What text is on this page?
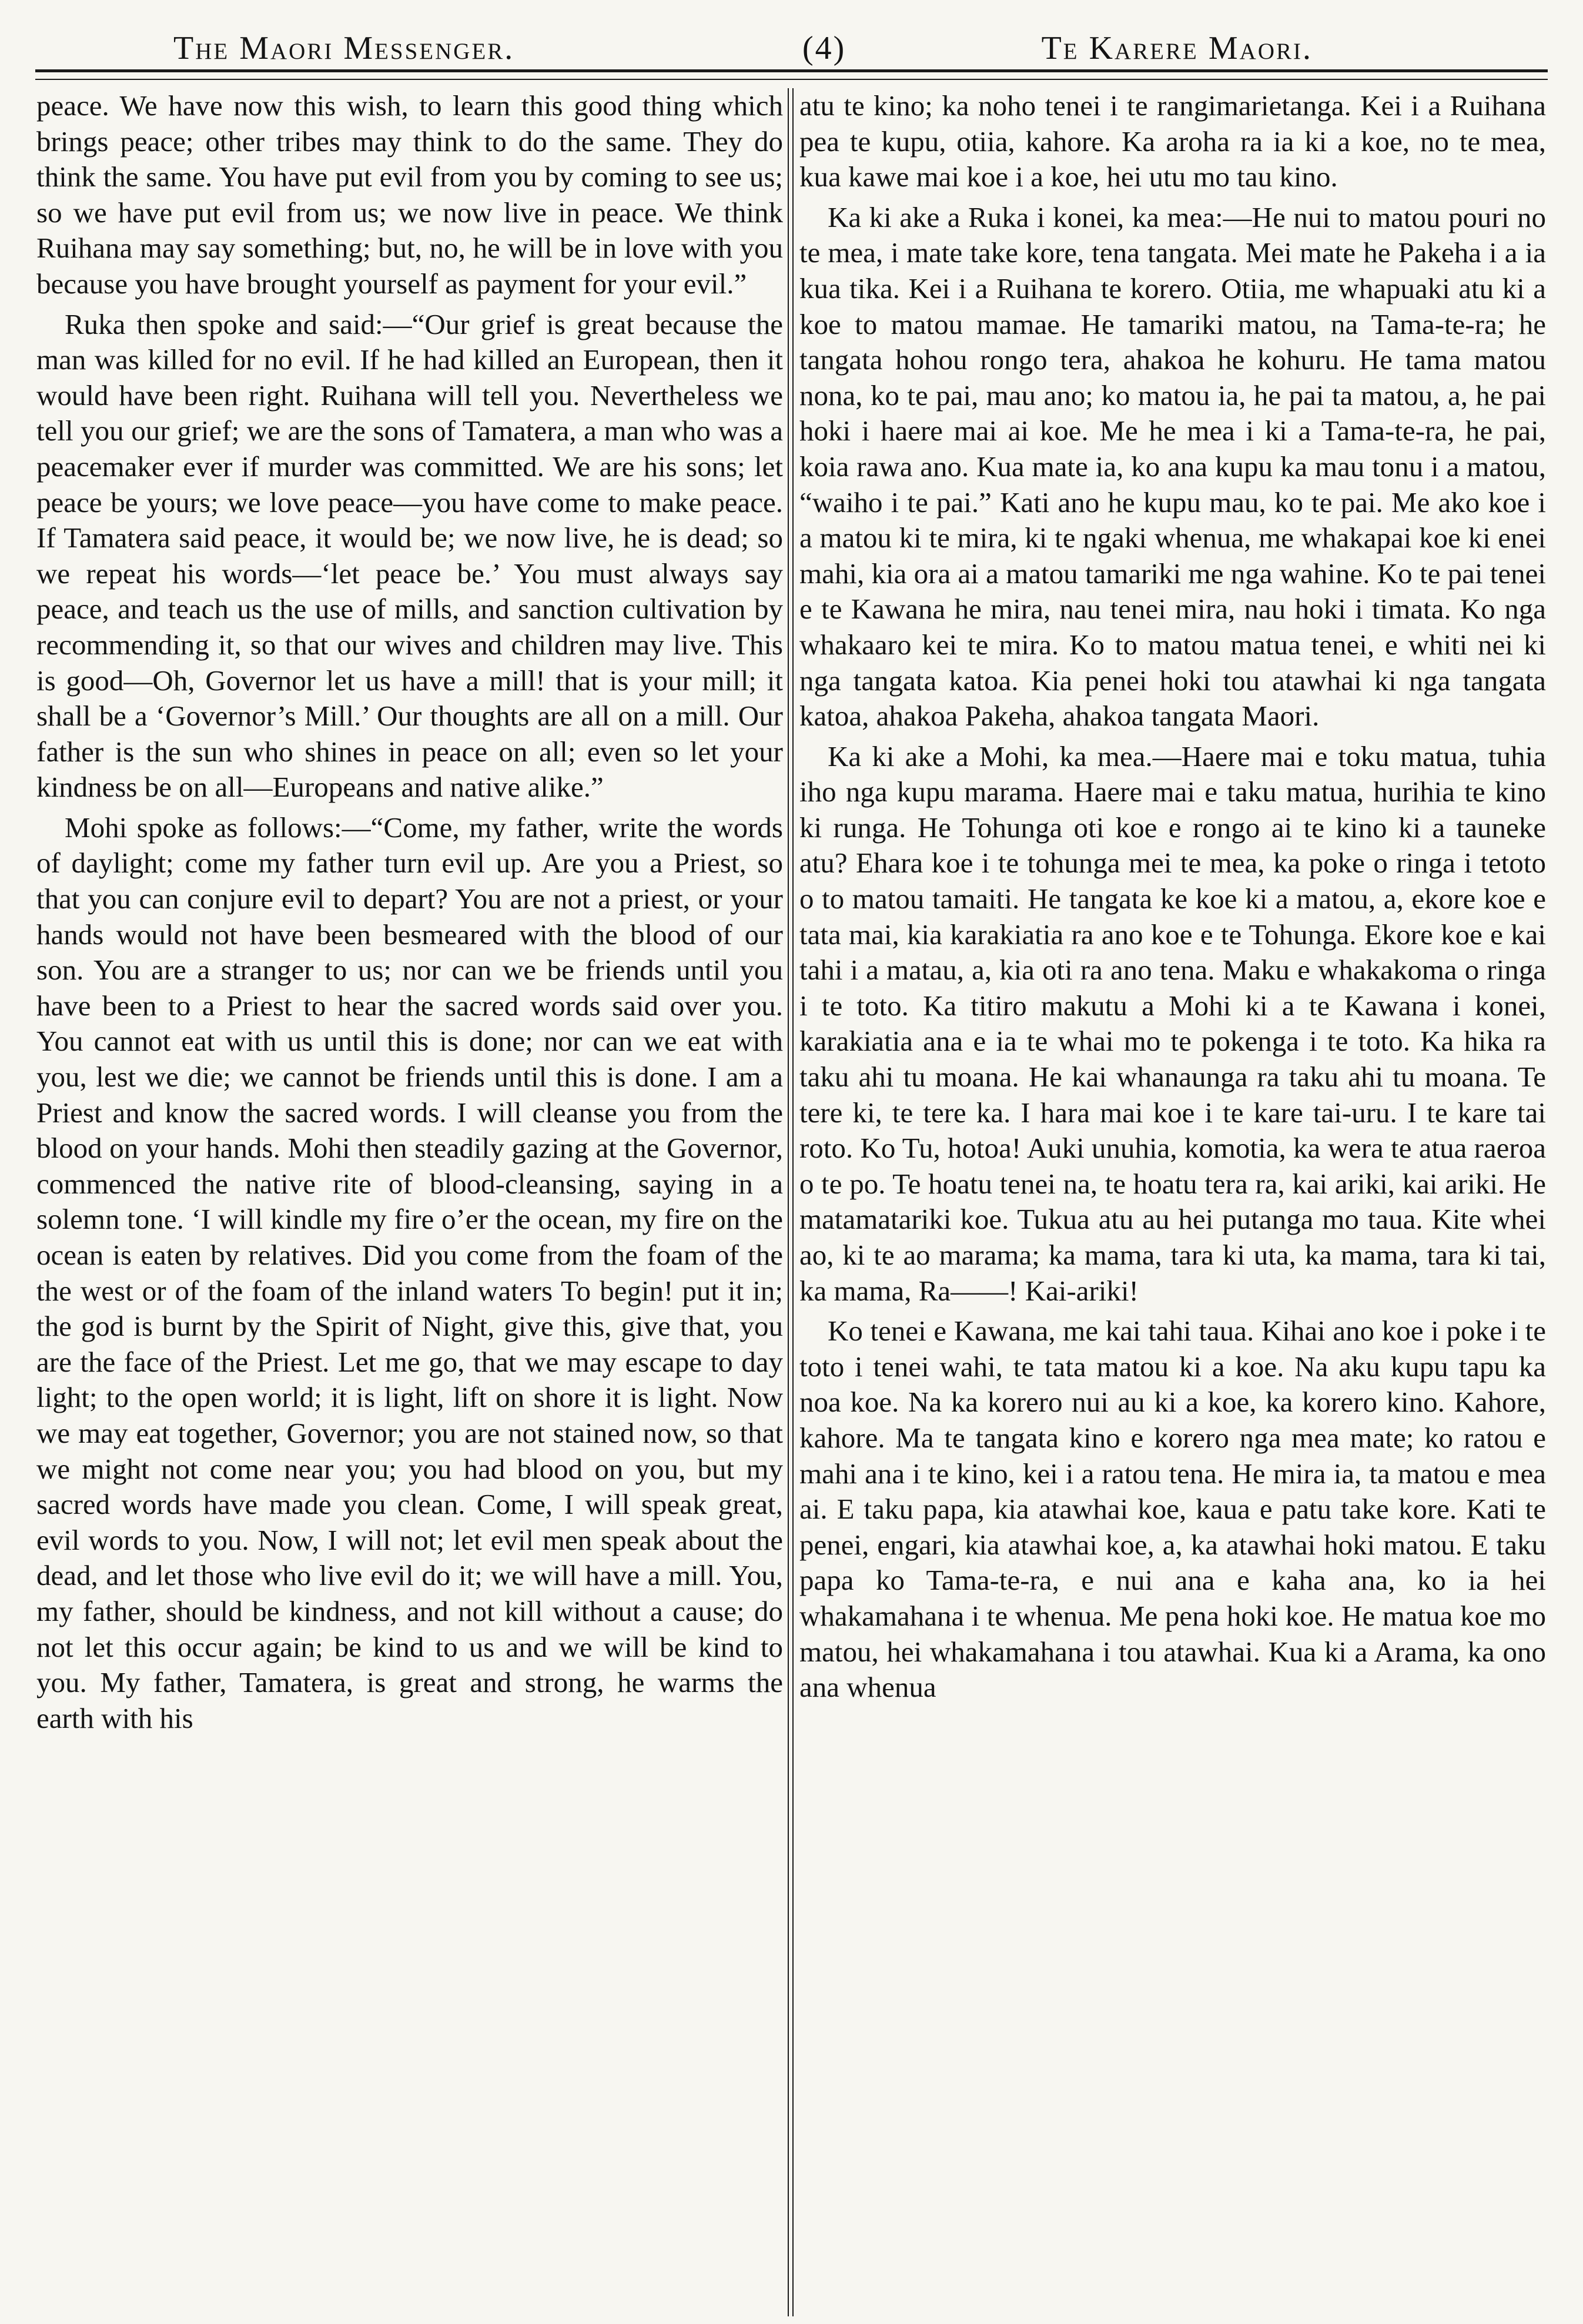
The Maori Messenger.	(4)	Te Karere Maori.

peace. We have now this wish, to learn this good thing which brings peace; other tribes may think to do the same. They do think the same. You have put evil from you by coming to see us; so we have put evil from us; we now live in peace. We think Ruihana may say something; but, no, he will be in love with you because you have brought yourself as payment for your evil.”

Ruka then spoke and said:—“Our grief is great because the man was killed for no evil. If he had killed an European, then it would have been right. Ruihana will tell you. Nevertheless we tell you our grief; we are the sons of Tamatera, a man who was a peacemaker ever if murder was committed. We are his sons; let peace be yours; we love peace—you have come to make peace. If Tamatera said peace, it would be; we now live, he is dead; so we repeat his words—‘let peace be.’ You must always say peace, and teach us the use of mills, and sanction cultivation by recommending it, so that our wives and children may live. This is good—Oh, Governor let us have a mill! that is your mill; it shall be a ‘Governor’s Mill.’ Our thoughts are all on a mill. Our father is the sun who shines in peace on all; even so let your kindness be on all—Europeans and native alike.”

Mohi spoke as follows:—“Come, my father, write the words of daylight; come my father turn evil up. Are you a Priest, so that you can conjure evil to depart? You are not a priest, or your hands would not have been besmeared with the blood of our son. You are a stranger to us; nor can we be friends until you have been to a Priest to hear the sacred words said over you. You cannot eat with us until this is done; nor can we eat with you, lest we die; we cannot be friends until this is done. I am a Priest and know the sacred words. I will cleanse you from the blood on your hands. Mohi then steadily gazing at the Governor, commenced the native rite of blood-cleansing, saying in a solemn tone. ‘I will kindle my fire o’er the ocean, my fire on the ocean is eaten by relatives. Did you come from the foam of the the west or of the foam of the inland waters To begin! put it in; the god is burnt by the Spirit of Night, give this, give that, you are the face of the Priest. Let me go, that we may escape to day light; to the open world; it is light, lift on shore it is light. Now we may eat together, Governor; you are not stained now, so that we might not come near you; you had blood on you, but my sacred words have made you clean. Come, I will speak great, evil words to you. Now, I will not; let evil men speak about the dead, and let those who live evil do it; we will have a mill. You, my father, should be kindness, and not kill without a cause; do not let this occur again; be kind to us and we will be kind to you. My father, Tamatera, is great and strong, he warms the earth with his

atu te kino; ka noho tenei i te rangimarietanga. Kei i a Ruihana pea te kupu, otiia, kahore. Ka aroha ra ia ki a koe, no te mea, kua kawe mai koe i a koe, hei utu mo tau kino.

Ka ki ake a Ruka i konei, ka mea:—He nui to matou pouri no te mea, i mate take kore, tena tangata. Mei mate he Pakeha i a ia kua tika. Kei i a Ruihana te korero. Otiia, me whapuaki atu ki a koe to matou mamae. He tamariki matou, na Tama-te-ra; he tangata hohou rongo tera, ahakoa he kohuru. He tama matou nona, ko te pai, mau ano; ko matou ia, he pai ta matou, a, he pai hoki i haere mai ai koe. Me he mea i ki a Tama-te-ra, he pai, koia rawa ano. Kua mate ia, ko ana kupu ka mau tonu i a matou, “waiho i te pai.” Kati ano he kupu mau, ko te pai. Me ako koe i a matou ki te mira, ki te ngaki whenua, me whakapai koe ki enei mahi, kia ora ai a matou tamariki me nga wahine. Ko te pai tenei e te Kawana he mira, nau tenei mira, nau hoki i timata. Ko nga whakaaro kei te mira. Ko to matou matua tenei, e whiti nei ki nga tangata katoa. Kia penei hoki tou atawhai ki nga tangata katoa, ahakoa Pakeha, ahakoa tangata Maori.

Ka ki ake a Mohi, ka mea.—Haere mai e toku matua, tuhia iho nga kupu marama. Haere mai e taku matua, hurihia te kino ki runga. He Tohunga oti koe e rongo ai te kino ki a tauneke atu? Ehara koe i te tohunga mei te mea, ka poke o ringa i tetoto o to matou tamaiti. He tangata ke koe ki a matou, a, ekore koe e tata mai, kia karakiatia ra ano koe e te Tohunga. Ekore koe e kai tahi i a matau, a, kia oti ra ano tena. Maku e whakakoma o ringa i te toto. Ka titiro makutu a Mohi ki a te Kawana i konei, karakiatia ana e ia te whai mo te pokenga i te toto. Ka hika ra taku ahi tu moana. He kai whanaunga ra taku ahi tu moana. Te tere ki, te tere ka. I hara mai koe i te kare tai-uru. I te kare tai roto. Ko Tu, hotoa! Auki unuhia, komotia, ka wera te atua raeroa o te po. Te hoatu tenei na, te hoatu tera ra, kai ariki, kai ariki. He matamatariki koe. Tukua atu au hei putanga mo taua. Kite whei ao, ki te ao marama; ka mama, tara ki uta, ka mama, tara ki tai, ka mama, Ra——! Kai-ariki!

Ko tenei e Kawana, me kai tahi taua. Kihai ano koe i poke i te toto i tenei wahi, te tata matou ki a koe. Na aku kupu tapu ka noa koe. Na ka korero nui au ki a koe, ka korero kino. Kahore, kahore. Ma te tangata kino e korero nga mea mate; ko ratou e mahi ana i te kino, kei i a ratou tena. He mira ia, ta matou e mea ai. E taku papa, kia atawhai koe, kaua e patu take kore. Kati te penei, engari, kia atawhai koe, a, ka atawhai hoki matou. E taku papa ko Tama-te-ra, e nui ana e kaha ana, ko ia hei whakamahana i te whenua. Me pena hoki koe. He matua koe mo matou, hei whakamahana i tou atawhai. Kua ki a Arama, ka ono ana whenua
